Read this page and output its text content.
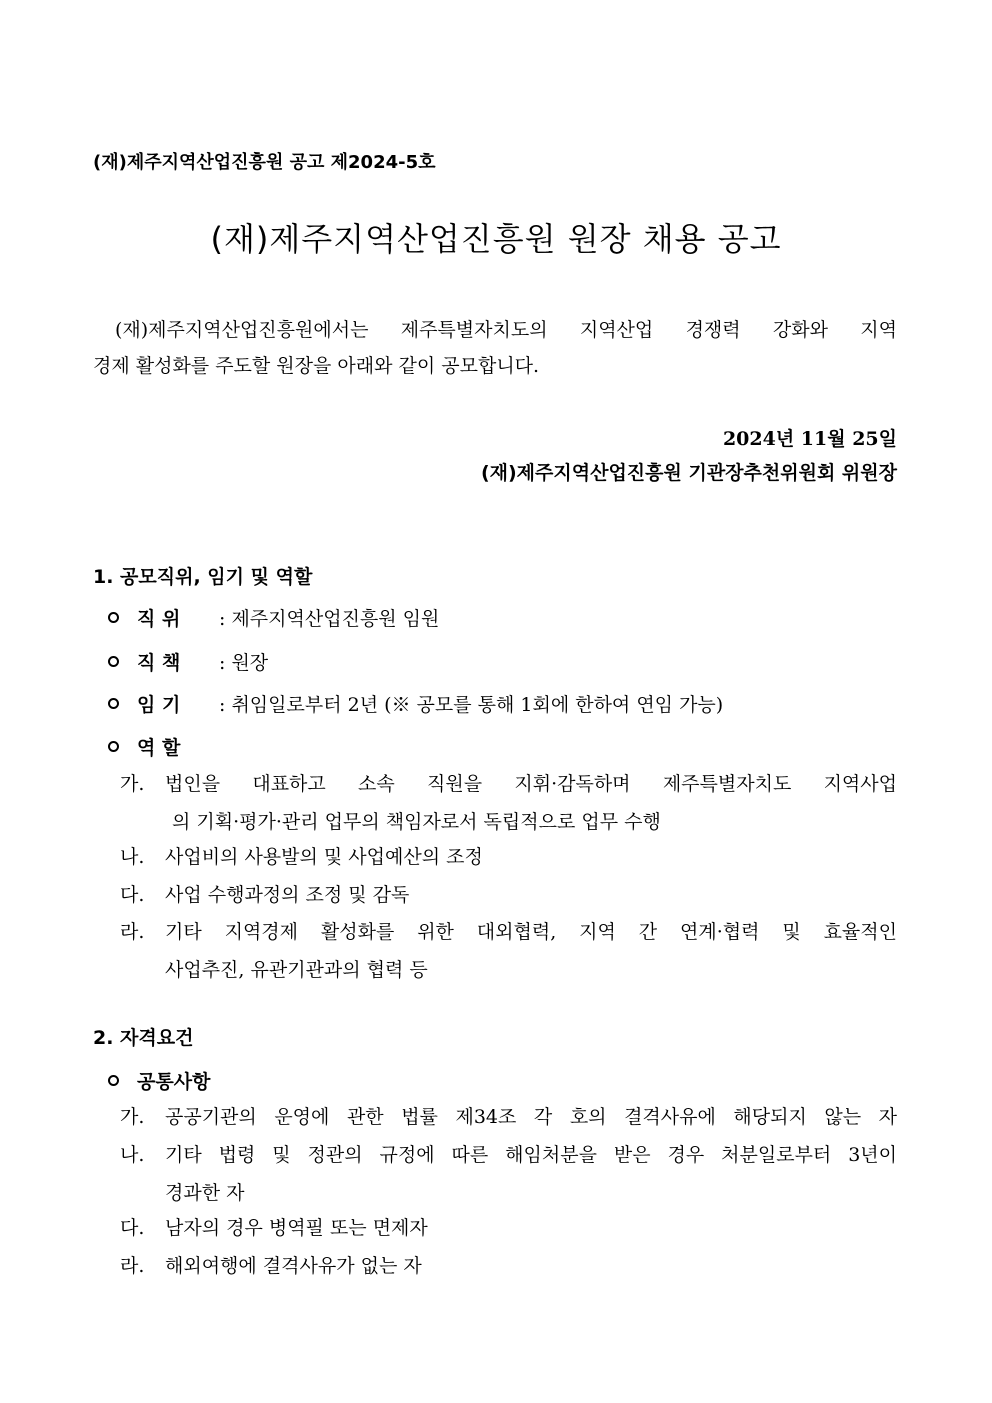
(재)제주지역산업진흥원 공고 제2024-5호
(재)제주지역산업진흥원 원장 채용 공고
(재)제주지역산업진흥원에서는 제주특별자치도의 지역산업 경쟁력 강화와 지역
경제 활성화를 주도할 원장을 아래와 같이 공모합니다.
2024년 11월 25일
(재)제주지역산업진흥원 기관장추천위원회 위원장
1. 공모직위, 임기 및 역할
직 위	: 제주지역산업진흥원 임원
직 책	: 원장
임 기	: 취임일로부터 2년 (※ 공모를 통해 1회에 한하여 연임 가능)
역 할
가. 법인을 대표하고 소속 직원을 지휘·감독하며 제주특별자치도 지역사업
의 기획·평가·관리 업무의 책임자로서 독립적으로 업무 수행
나. 사업비의 사용발의 및 사업예산의 조정
다. 사업 수행과정의 조정 및 감독
라. 기타 지역경제 활성화를 위한 대외협력, 지역 간 연계·협력 및 효율적인
사업추진, 유관기관과의 협력 등
2. 자격요건
공통사항
가. 공공기관의 운영에 관한 법률 제34조 각 호의 결격사유에 해당되지 않는 자
나. 기타 법령 및 정관의 규정에 따른 해임처분을 받은 경우 처분일로부터 3년이
경과한 자
다. 남자의 경우 병역필 또는 면제자
라. 해외여행에 결격사유가 없는 자
